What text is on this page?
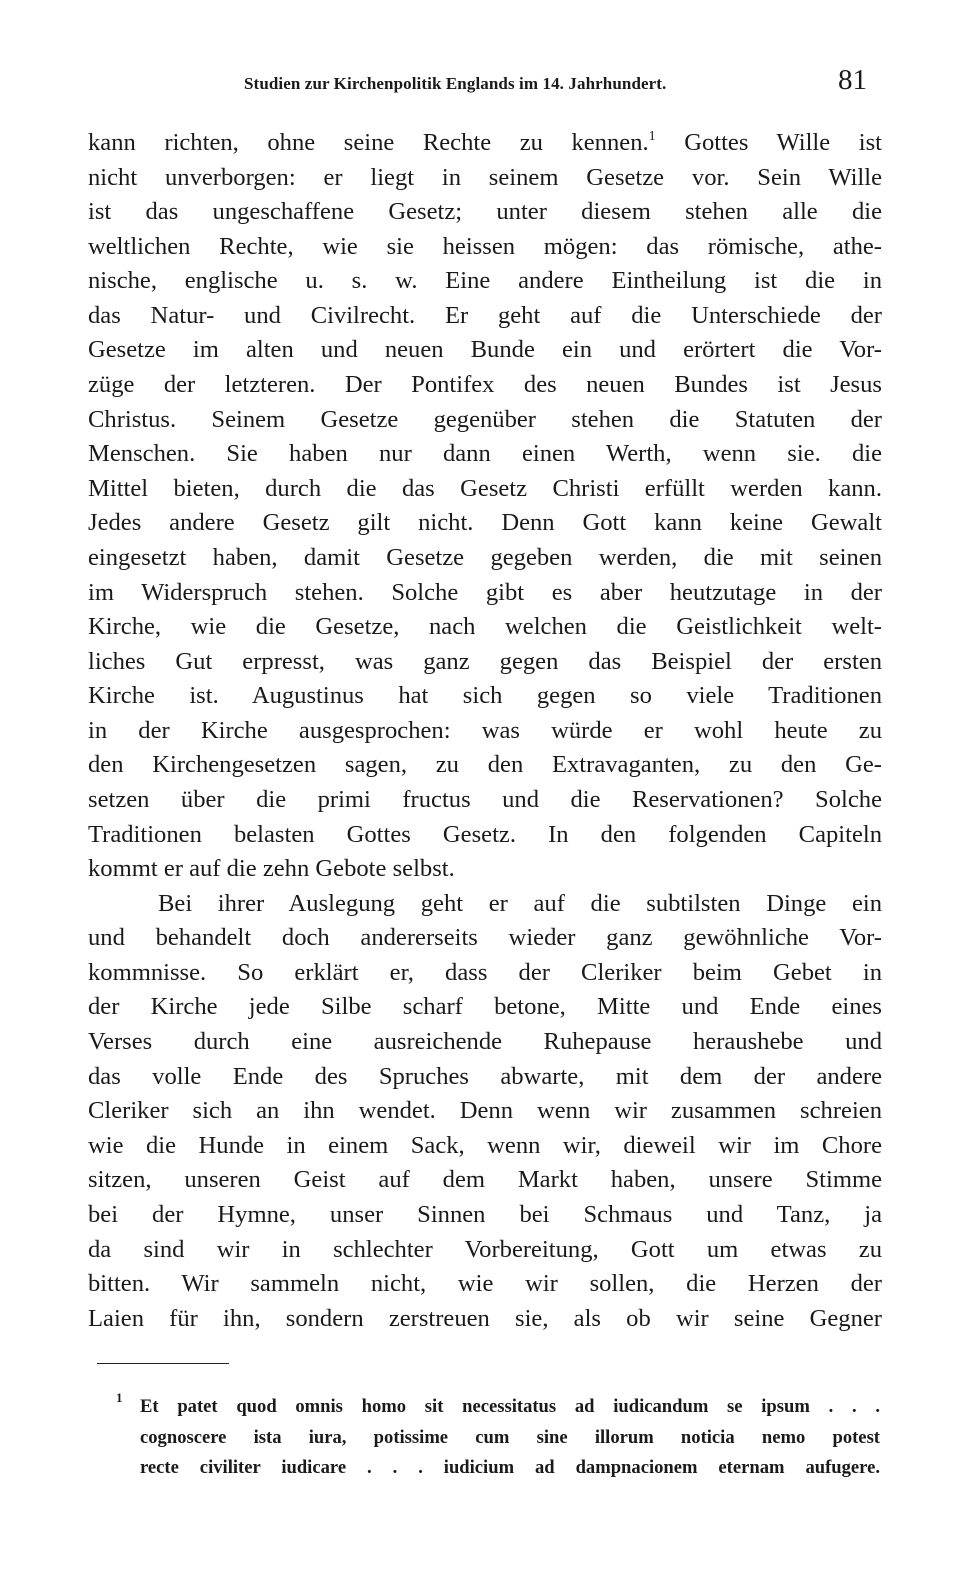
Studien zur Kirchenpolitik Englands im 14. Jahrhundert.	81
kann richten, ohne seine Rechte zu kennen.$^1$ Gottes Wille ist
nicht unverborgen: er liegt in seinem Gesetze vor. Sein Wille
ist das ungeschaffene Gesetz; unter diesem stehen alle die
weltlichen Rechte, wie sie heissen mögen: das römische, athe-
nische, englische u. s. w. Eine andere Eintheilung ist die in
das Natur- und Civilrecht. Er geht auf die Unterschiede der
Gesetze im alten und neuen Bunde ein und erörtert die Vor-
züge der letzteren. Der Pontifex des neuen Bundes ist Jesus
Christus. Seinem Gesetze gegenüber stehen die Statuten der
Menschen. Sie haben nur dann einen Werth, wenn sie. die
Mittel bieten, durch die das Gesetz Christi erfüllt werden kann.
Jedes andere Gesetz gilt nicht. Denn Gott kann keine Gewalt
eingesetzt haben, damit Gesetze gegeben werden, die mit seinen
im Widerspruch stehen. Solche gibt es aber heutzutage in der
Kirche, wie die Gesetze, nach welchen die Geistlichkeit welt-
liches Gut erpresst, was ganz gegen das Beispiel der ersten
Kirche ist. Augustinus hat sich gegen so viele Traditionen
in der Kirche ausgesprochen: was würde er wohl heute zu
den Kirchengesetzen sagen, zu den Extravaganten, zu den Ge-
setzen über die primi fructus und die Reservationen? Solche
Traditionen belasten Gottes Gesetz. In den folgenden Capiteln
kommt er auf die zehn Gebote selbst.
Bei ihrer Auslegung geht er auf die subtilsten Dinge ein
und behandelt doch andererseits wieder ganz gewöhnliche Vor-
kommnisse. So erklärt er, dass der Cleriker beim Gebet in
der Kirche jede Silbe scharf betone, Mitte und Ende eines
Verses durch eine ausreichende Ruhepause heraushebe und
das volle Ende des Spruches abwarte, mit dem der andere
Cleriker sich an ihn wendet. Denn wenn wir zusammen schreien
wie die Hunde in einem Sack, wenn wir, dieweil wir im Chore
sitzen, unseren Geist auf dem Markt haben, unsere Stimme
bei der Hymne, unser Sinnen bei Schmaus und Tanz, ja
da sind wir in schlechter Vorbereitung, Gott um etwas zu
bitten. Wir sammeln nicht, wie wir sollen, die Herzen der
Laien für ihn, sondern zerstreuen sie, als ob wir seine Gegner
1 Et patet quod omnis homo sit necessitatus ad iudicandum se ipsum . . .
cognoscere ista iura, potissime cum sine illorum noticia nemo potest
recte civiliter iudicare . . . iudicium ad dampnacionem eternam aufugere.
